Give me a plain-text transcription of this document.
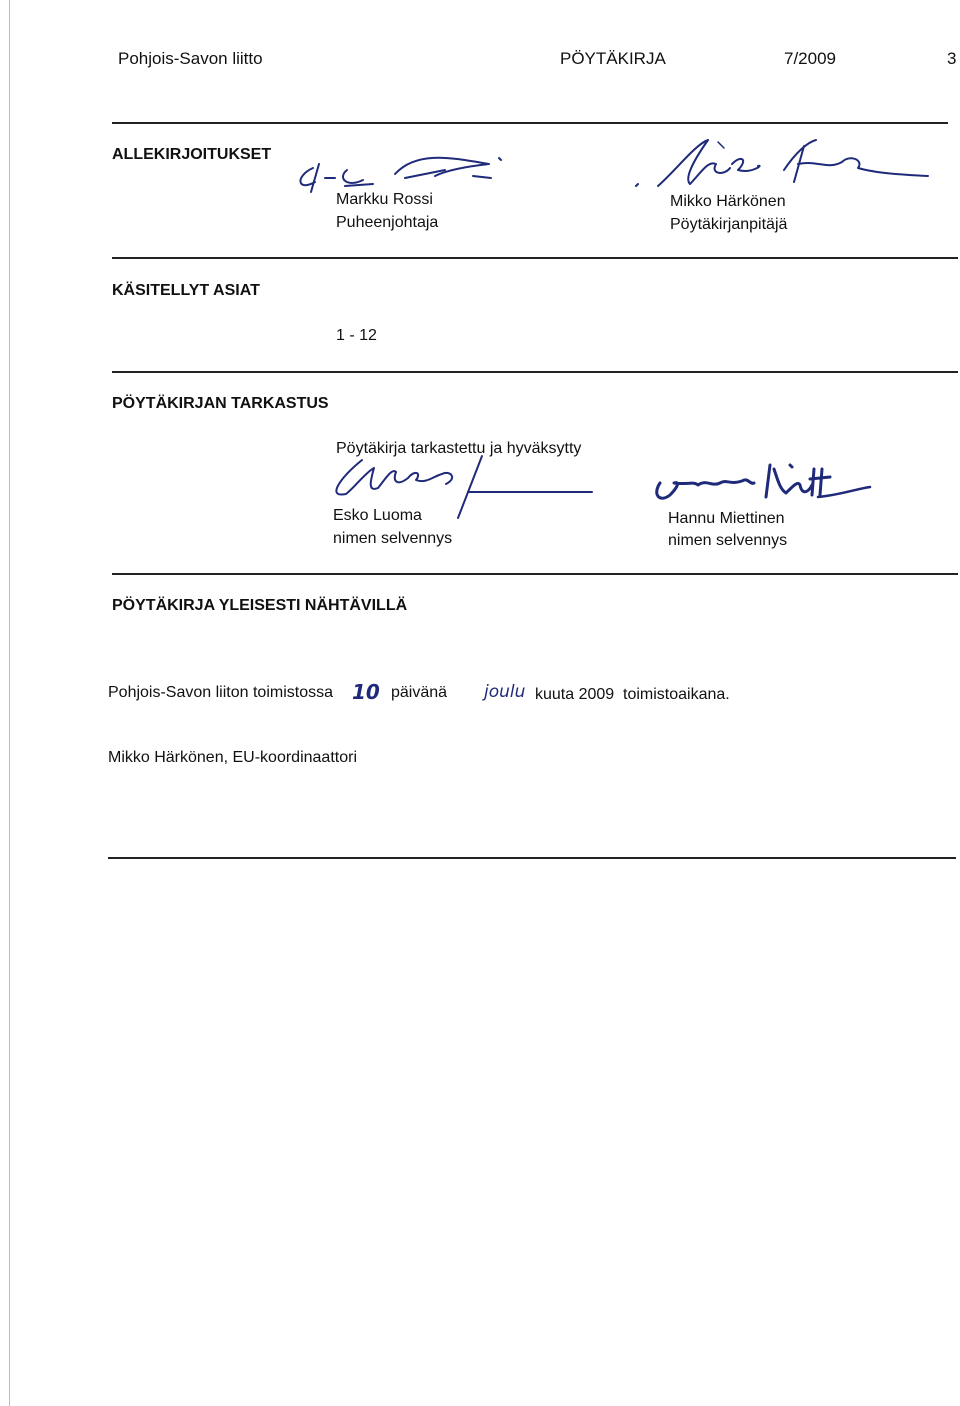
Pohjois-Savon liitto	PÖYTÄKIRJA	7/2009	3
ALLEKIRJOITUKSET
Markku Rossi
Puheenjohtaja
Mikko Härkönen
Pöytäkirjanpitäjä
KÄSITELLYT ASIAT
1 - 12
PÖYTÄKIRJAN TARKASTUS
Pöytäkirja tarkastettu ja hyväksytty
Esko Luoma
nimen selvennys
Hannu Miettinen
nimen selvennys
PÖYTÄKIRJA YLEISESTI NÄHTÄVILLÄ
Pohjois-Savon liiton toimistossa 10 päivänä joulu kuuta 2009 toimistoaikana.
Mikko Härkönen, EU-koordinaattori
